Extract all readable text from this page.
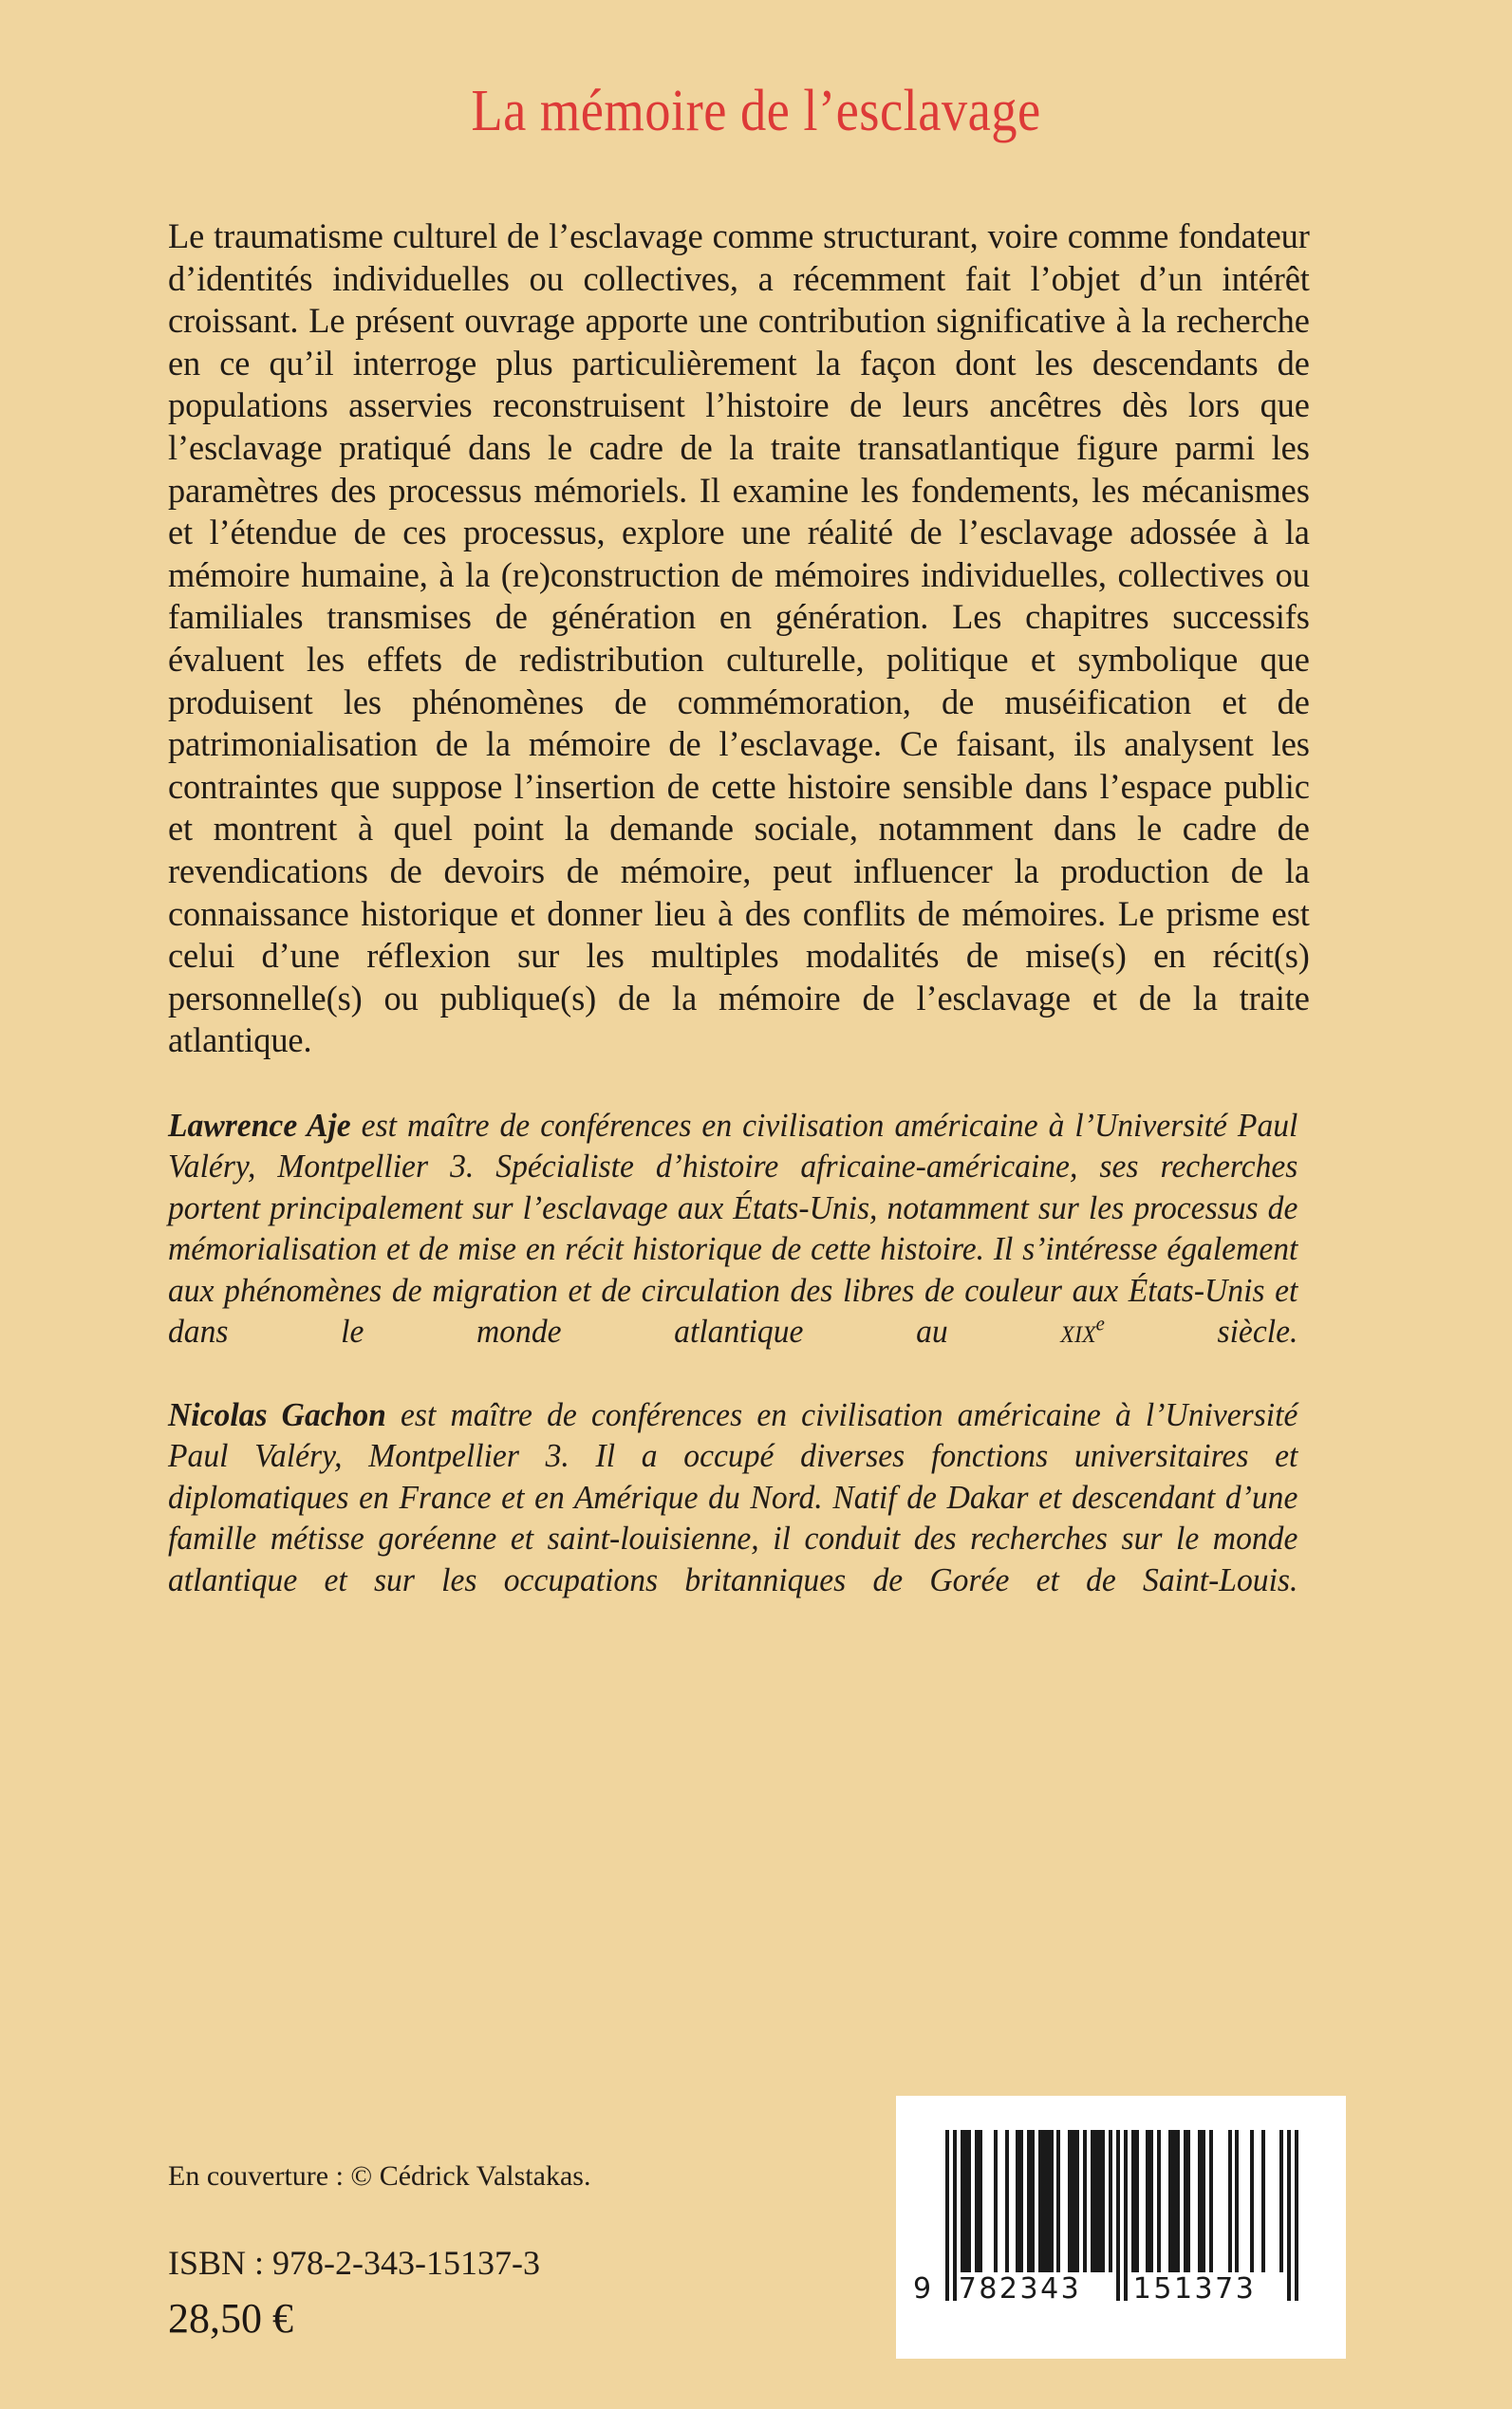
La mémoire de l’esclavage

Le traumatisme culturel de l’esclavage comme structurant, voire comme fondateur d’identités individuelles ou collectives, a récemment fait l’objet d’un intérêt croissant. Le présent ouvrage apporte une contribution significative à la recherche en ce qu’il interroge plus particulièrement la façon dont les descendants de populations asservies reconstruisent l’histoire de leurs ancêtres dès lors que l’esclavage pratiqué dans le cadre de la traite transatlantique figure parmi les paramètres des processus mémoriels. Il examine les fondements, les mécanismes et l’étendue de ces processus, explore une réalité de l’esclavage adossée à la mémoire humaine, à la (re)construction de mémoires individuelles, collectives ou familiales transmises de génération en génération. Les chapitres successifs évaluent les effets de redistribution culturelle, politique et symbolique que produisent les phénomènes de commémoration, de muséification et de patrimonialisation de la mémoire de l’esclavage. Ce faisant, ils analysent les contraintes que suppose l’insertion de cette histoire sensible dans l’espace public et montrent à quel point la demande sociale, notamment dans le cadre de revendications de devoirs de mémoire, peut influencer la production de la connaissance historique et donner lieu à des conflits de mémoires. Le prisme est celui d’une réflexion sur les multiples modalités de mise(s) en récit(s) personnelle(s) ou publique(s) de la mémoire de l’esclavage et de la traite atlantique.

Lawrence Aje est maître de conférences en civilisation américaine à l’Université Paul Valéry, Montpellier 3. Spécialiste d’histoire africaine-américaine, ses recherches portent principalement sur l’esclavage aux États-Unis, notamment sur les processus de mémorialisation et de mise en récit historique de cette histoire. Il s’intéresse également aux phénomènes de migration et de circulation des libres de couleur aux États-Unis et dans le monde atlantique au xix$^e$ siècle.

Nicolas Gachon est maître de conférences en civilisation américaine à l’Université Paul Valéry, Montpellier 3. Il a occupé diverses fonctions universitaires et diplomatiques en France et en Amérique du Nord. Natif de Dakar et descendant d’une famille métisse goréenne et saint-louisienne, il conduit des recherches sur le monde atlantique et sur les occupations britanniques de Gorée et de Saint-Louis.

En couverture : © Cédrick Valstakas.
ISBN : 978-2-343-15137-3
28,50 €
9 782343 151373
